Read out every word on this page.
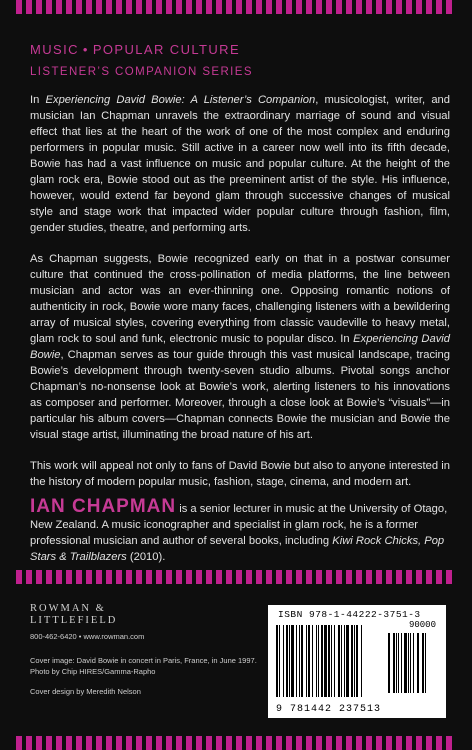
MUSIC • POPULAR CULTURE
LISTENER’S COMPANION SERIES

In Experiencing David Bowie: A Listener’s Companion, musicologist, writer, and musician Ian Chapman unravels the extraordinary marriage of sound and visual effect that lies at the heart of the work of one of the most complex and enduring performers in popular music. Still active in a career now well into its fifth decade, Bowie has had a vast influence on music and popular culture. At the height of the glam rock era, Bowie stood out as the preeminent artist of the style. His influence, however, would extend far beyond glam through successive changes of musical style and stage work that impacted wider popular culture through fashion, film, gender studies, theatre, and performing arts.

As Chapman suggests, Bowie recognized early on that in a postwar consumer culture that continued the cross-pollination of media platforms, the line between musician and actor was an ever-thinning one. Opposing romantic notions of authenticity in rock, Bowie wore many faces, challenging listeners with a bewildering array of musical styles, covering everything from classic vaudeville to heavy metal, glam rock to soul and funk, electronic music to popular disco. In Experiencing David Bowie, Chapman serves as tour guide through this vast musical landscape, tracing Bowie’s development through twenty-seven studio albums. Pivotal songs anchor Chapman’s no-nonsense look at Bowie’s work, alerting listeners to his innovations as composer and performer. Moreover, through a close look at Bowie’s “visuals”—in particular his album covers—Chapman connects Bowie the musician and Bowie the visual stage artist, illuminating the broad nature of his art.

This work will appeal not only to fans of David Bowie but also to anyone interested in the history of modern popular music, fashion, stage, cinema, and modern art.

IAN CHAPMAN is a senior lecturer in music at the University of Otago, New Zealand. A music iconographer and specialist in glam rock, he is a former professional musician and author of several books, including Kiwi Rock Chicks, Pop Stars & Trailblazers (2010).
ROWMAN &
LITTLEFIELD
800-462-6420 • www.rowman.com
Cover image: David Bowie in concert in Paris, France, in June 1997.
Photo by Chip HIRES/Gamma-Rapho
Cover design by Meredith Nelson
ISBN 978-1-44222-3751-3
90000
9 781442 237513
